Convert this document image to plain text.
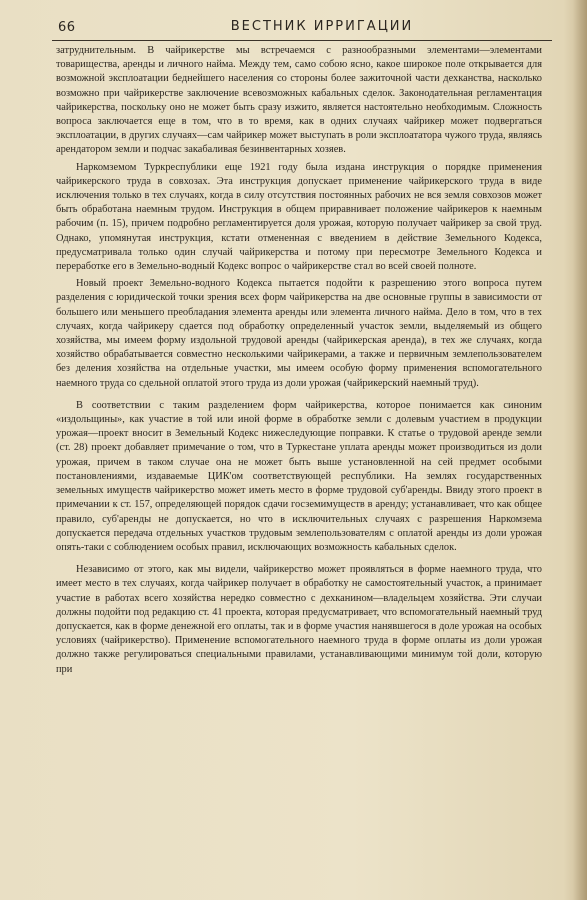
66	ВЕСТНИК ИРРИГАЦИИ

затруднительным. В чайрикерстве мы встречаемся с разнообразными элементами—элементами товарищества, аренды и личного найма. Между тем, само собою ясно, какое широкое поле открывается для возможной эксплоатации беднейшего населения со стороны более зажиточной части дехканства, насколько возможно при чайрикерстве заключение всевозможных кабальных сделок. Законодательная регламентация чайрикерства, поскольку оно не может быть сразу изжито, является настоятельно необходимым. Сложность вопроса заключается еще в том, что в то время, как в одних случаях чайрикер может подвергаться эксплоатации, в других случаях—сам чайрикер может выступать в роли эксплоататора чужого труда, являясь арендатором земли и подчас закабаливая безинвентарных хозяев.

Наркомземом Туркреспублики еще 1921 году была издана инструкция о порядке применения чайрикерского труда в совхозах. Эта инструкция допускает применение чайрикерского труда в виде исключения только в тех случаях, когда в силу отсутствия постоянных рабочих не вся земля совхозов может быть обработана наемным трудом. Инструкция в общем приравнивает положение чайрикеров к наемным рабочим (п. 15), причем подробно регламентируется доля урожая, которую получает чайрикер за свой труд. Однако, упомянутая инструкция, кстати отмененная с введением в действие Земельного Кодекса, предусматривала только один случай чайрикерства и потому при пересмотре Земельного Кодекса и переработке его в Земельно-водный Кодекс вопрос о чайрикерстве стал во всей своей полноте.

Новый проект Земельно-водного Кодекса пытается подойти к разрешению этого вопроса путем разделения с юридической точки зрения всех форм чайрикерства на две основные группы в зависимости от большего или меньшего преобладания элемента аренды или элемента личного найма. Дело в том, что в тех случаях, когда чайрикеру сдается под обработку определенный участок земли, выделяемый из общего хозяйства, мы имеем форму издольной трудовой аренды (чайрикерская аренда), в тех же случаях, когда хозяйство обрабатывается совместно несколькими чайрикерами, а также и первичным землепользователем без деления хозяйства на отдельные участки, мы имеем особую форму применения вспомогательного наемного труда со сдельной оплатой этого труда из доли урожая (чайрикерский наемный труд).

В соответствии с таким разделением форм чайрикерства, которое понимается как синоним «издольщины», как участие в той или иной форме в обработке земли с долевым участием в продукции урожая—проект вносит в Земельный Кодекс нижеследующие поправки. К статье о трудовой аренде земли (ст. 28) проект добавляет примечание о том, что в Туркестане уплата аренды может производиться из доли урожая, причем в таком случае она не может быть выше установленной на сей предмет особыми постановлениями, издаваемые ЦИК'ом соответствующей республики. На землях государственных земельных имуществ чайрикерство может иметь место в форме трудовой суб'аренды. Ввиду этого проект в примечании к ст. 157, определяющей порядок сдачи госземимуществ в аренду; устанавливает, что как общее правило, суб'аренды не допускается, но что в исключительных случаях с разрешения Наркомзема допускается передача отдельных участков трудовым землепользователям с оплатой аренды из доли урожая опять-таки с соблюдением особых правил, исключающих возможность кабальных сделок.

Независимо от этого, как мы видели, чайрикерство может проявляться в форме наемного труда, что имеет место в тех случаях, когда чайрикер получает в обработку не самостоятельный участок, а принимает участие в работах всего хозяйства нередко совместно с дехканином—владельцем хозяйства. Эти случаи должны подойти под редакцию ст. 41 проекта, которая предусматривает, что вспомогательный наемный труд допускается, как в форме денежной его оплаты, так и в форме участия нанявшегося в доле урожая на особых условиях (чайрикерство). Применение вспомогательного наемного труда в форме оплаты из доли урожая должно также регулироваться специальными правилами, устанавливающими минимум той доли, которую при
